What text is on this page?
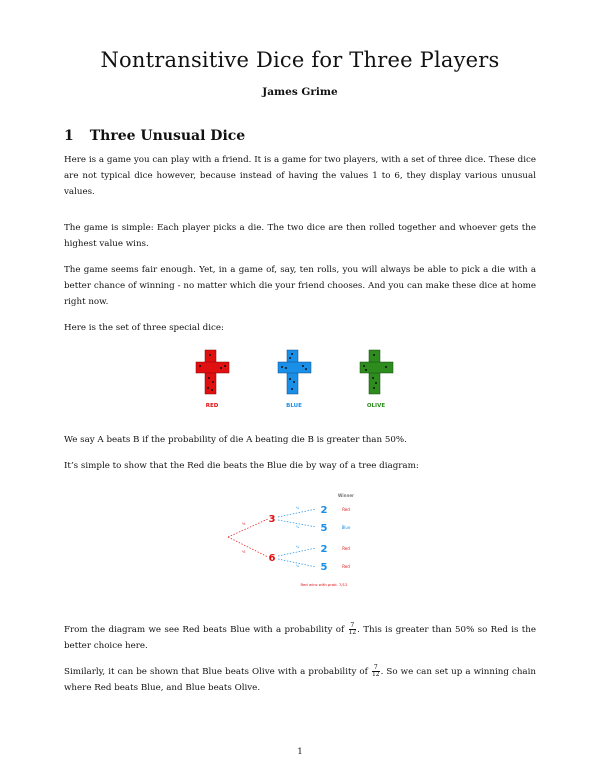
Nontransitive Dice for Three Players
James Grime
1 Three Unusual Dice

Here is a game you can play with a friend. It is a game for two players, with a set of three dice. These dice are not typical dice however, because instead of having the values 1 to 6, they display various unusual values.

The game is simple: Each player picks a die. The two dice are then rolled together and whoever gets the highest value wins.

The game seems fair enough. Yet, in a game of, say, ten rolls, you will always be able to pick a die with a better chance of winning - no matter which die your friend chooses. And you can make these dice at home right now.

Here is the set of three special dice:

RED	BLUE	OLIVE

We say A beats B if the probability of die A beating die B is greater than 50%.

It’s simple to show that the Red die beats the Blue die by way of a tree diagram:

Winner
½
½
3
6
¾
¼
¾
¼
2
5
2
5
Red
Blue
Red
Red
Red wins with prob. 7/12

From the diagram we see Red beats Blue with a probability of $\frac{7}{12}$ . This is greater than 50% so Red is the better choice here.

Similarly, it can be shown that Blue beats Olive with a probability of $\frac{7}{12}$ . So we can set up a winning chain where Red beats Blue, and Blue beats Olive.

1
